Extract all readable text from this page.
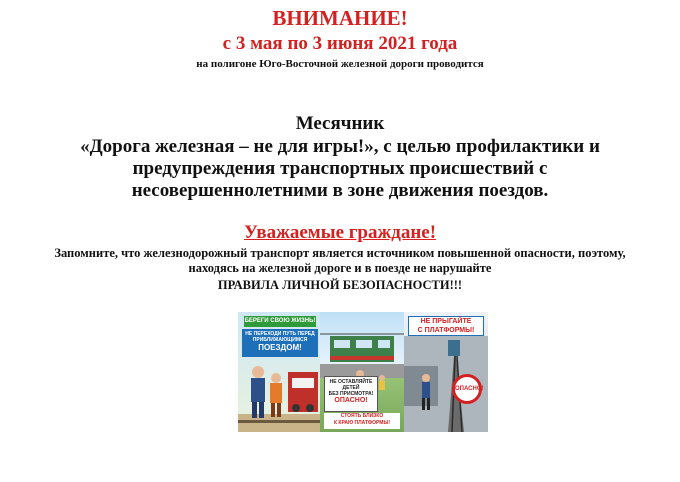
ВНИМАНИЕ!
с 3 мая по 3 июня 2021 года
на полигоне Юго-Восточной железной дороги проводится
Месячник
«Дорога железная – не для игры!», с целью профилактики и
предупреждения транспортных происшествий с
несовершеннолетними в зоне движения поездов.
Уважаемые граждане!
Запомните, что железнодорожный транспорт является источником повышенной опасности, поэтому,
находясь на железной дороге и в поезде не нарушайте
ПРАВИЛА ЛИЧНОЙ БЕЗОПАСНОСТИ!!!
БЕРЕГИ СВОЮ ЖИЗНЬ!
НЕ ПЕРЕХОДИ ПУТЬ ПЕРЕД
ПРИБЛИЖАЮЩИМСЯ
ПОЕЗДОМ!
НЕ ОСТАВЛЯЙТЕ
ДЕТЕЙ
БЕЗ ПРИСМОТРА!
ОПАСНО!
СТОЯТЬ БЛИЗКО
К КРАЮ ПЛАТФОРМЫ!
НЕ ПРЫГАЙТЕ
С ПЛАТФОРМЫ!
ОПАСНО!
